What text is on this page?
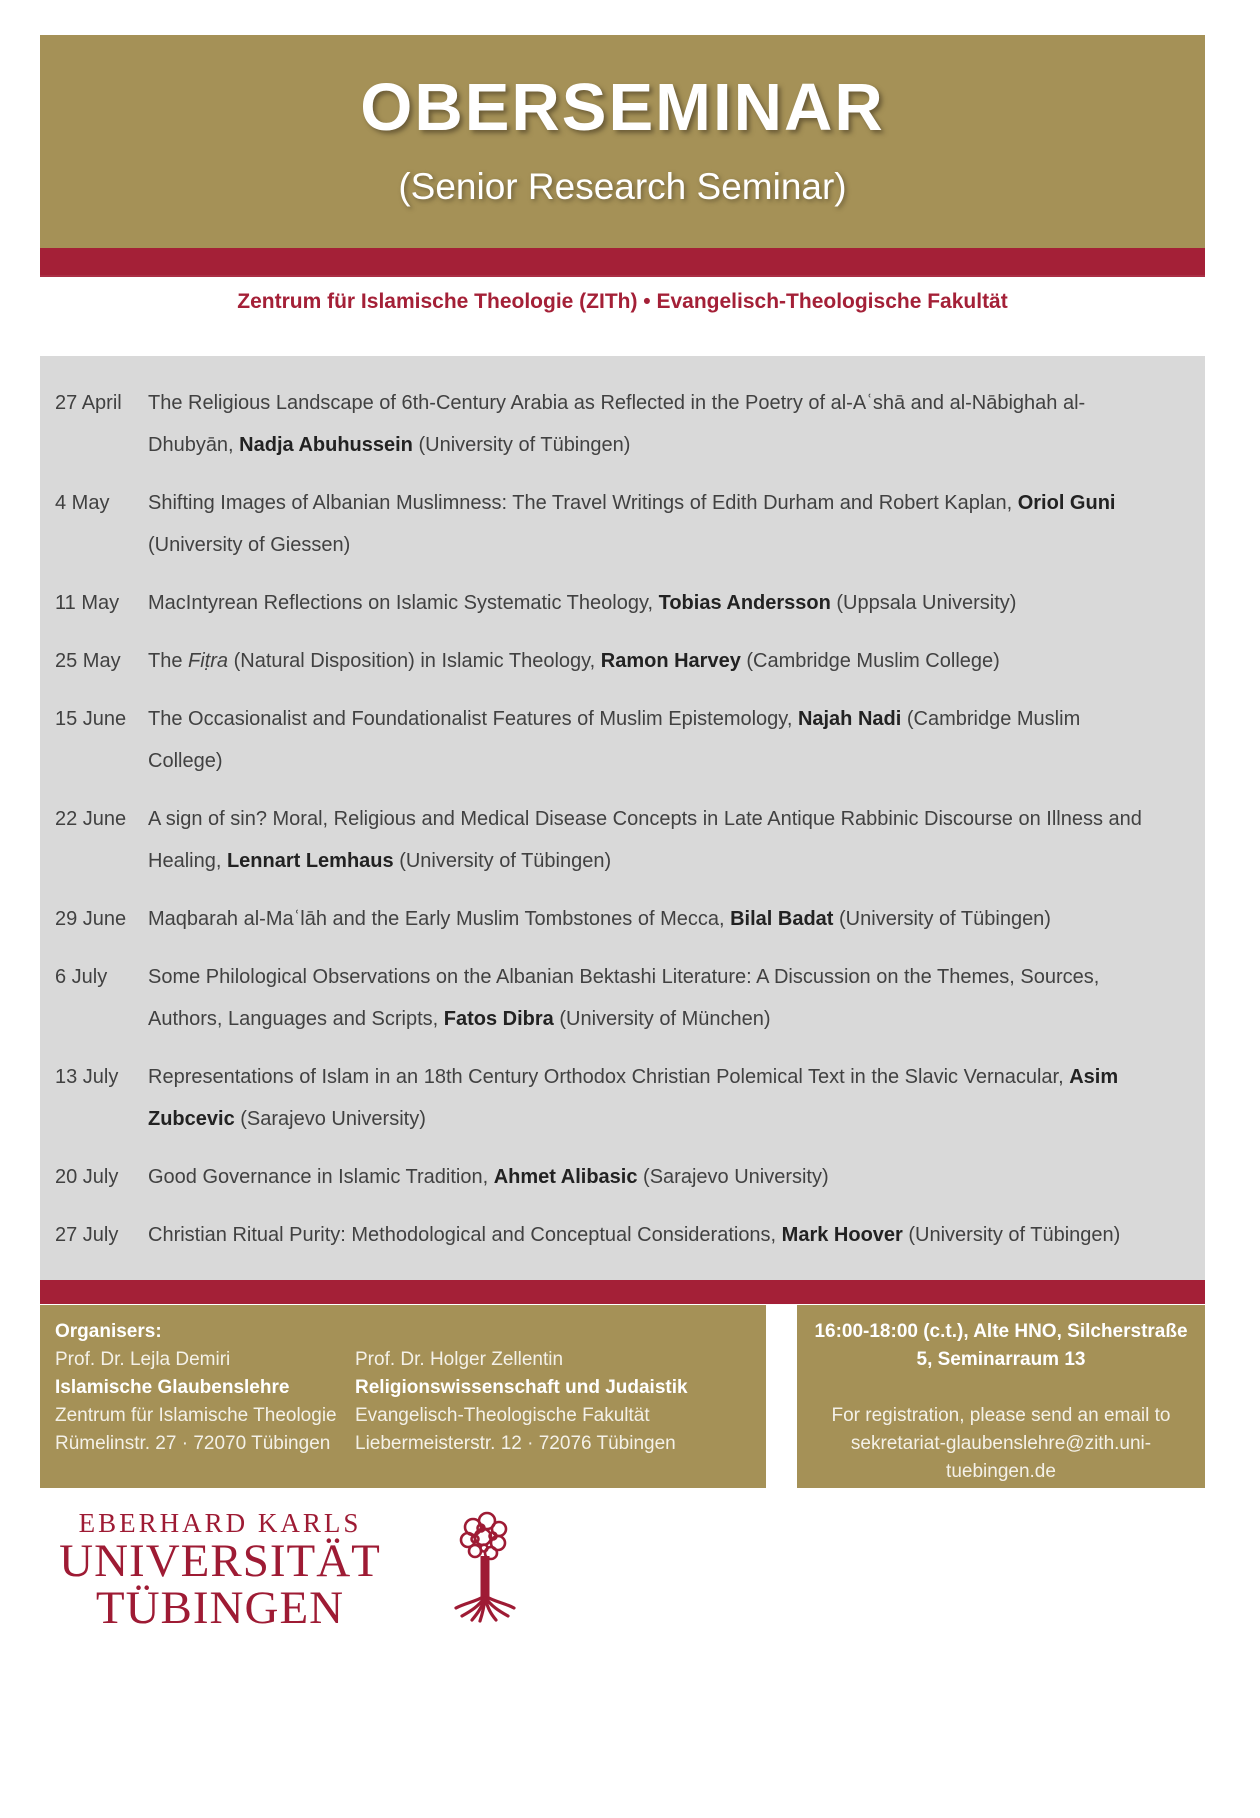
OBERSEMINAR
(Senior Research Seminar)
Zentrum für Islamische Theologie (ZITh) • Evangelisch-Theologische Fakultät
27 April	The Religious Landscape of 6th-Century Arabia as Reflected in the Poetry of al-Aʿshā and al-Nābighah al-Dhubyān, Nadja Abuhussein (University of Tübingen)
4 May	Shifting Images of Albanian Muslimness: The Travel Writings of Edith Durham and Robert Kaplan, Oriol Guni (University of Giessen)
11 May	MacIntyrean Reflections on Islamic Systematic Theology, Tobias Andersson (Uppsala University)
25 May	The Fiṭra (Natural Disposition) in Islamic Theology, Ramon Harvey (Cambridge Muslim College)
15 June	The Occasionalist and Foundationalist Features of Muslim Epistemology, Najah Nadi (Cambridge Muslim College)
22 June	A sign of sin? Moral, Religious and Medical Disease Concepts in Late Antique Rabbinic Discourse on Illness and Healing, Lennart Lemhaus (University of Tübingen)
29 June	Maqbarah al-Maʿlāh and the Early Muslim Tombstones of Mecca, Bilal Badat (University of Tübingen)
6 July	Some Philological Observations on the Albanian Bektashi Literature: A Discussion on the Themes, Sources, Authors, Languages and Scripts, Fatos Dibra (University of München)
13 July	Representations of Islam in an 18th Century Orthodox Christian Polemical Text in the Slavic Vernacular, Asim Zubcevic (Sarajevo University)
20 July	Good Governance in Islamic Tradition, Ahmet Alibasic (Sarajevo University)
27 July	Christian Ritual Purity: Methodological and Conceptual Considerations, Mark Hoover (University of Tübingen)
Organisers:
Prof. Dr. Lejla Demiri
Islamische Glaubenslehre
Zentrum für Islamische Theologie
Rümelinstr. 27 · 72070 Tübingen
Prof. Dr. Holger Zellentin
Religionswissenschaft und Judaistik
Evangelisch-Theologische Fakultät
Liebermeisterstr. 12 · 72076 Tübingen
16:00-18:00 (c.t.), Alte HNO, Silcherstraße 5, Seminarraum 13
For registration, please send an email to sekretariat-glaubenslehre@zith.uni-tuebingen.de
EBERHARD KARLS
UNIVERSITÄT
TÜBINGEN
